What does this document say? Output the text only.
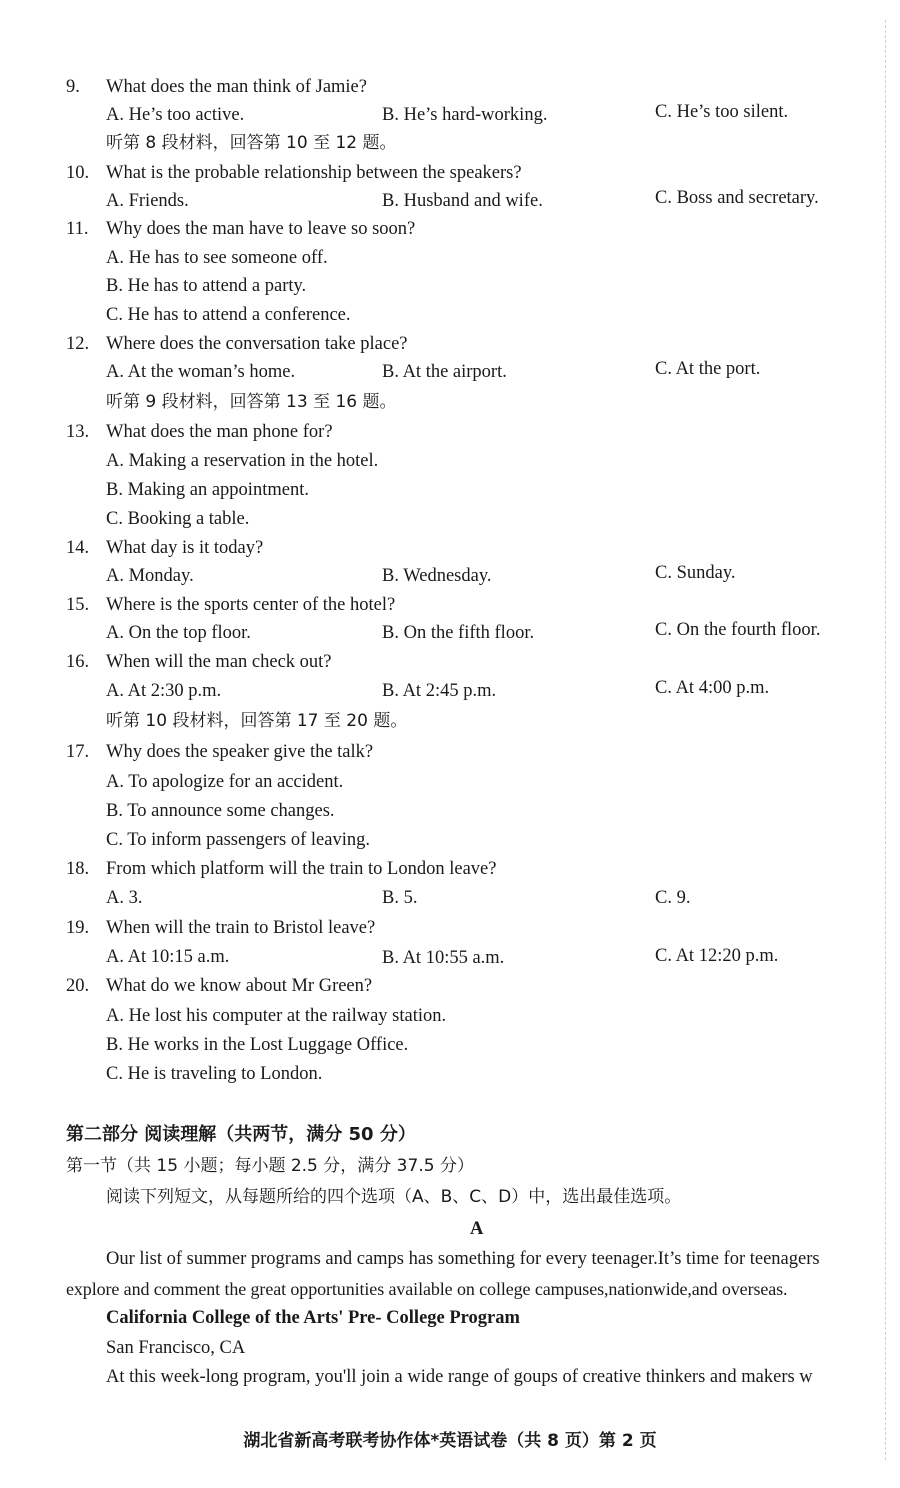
9. What does the man think of Jamie?
A. He’s too active.	B. He’s hard-working.	C. He’s too silent.
听第 8 段材料，回答第 10 至 12 题。
10. What is the probable relationship between the speakers?
A. Friends.	B. Husband and wife.	C. Boss and secretary.
11. Why does the man have to leave so soon?
A. He has to see someone off.
B. He has to attend a party.
C. He has to attend a conference.
12. Where does the conversation take place?
A. At the woman’s home.	B. At the airport.	C. At the port.
听第 9 段材料，回答第 13 至 16 题。
13. What does the man phone for?
A. Making a reservation in the hotel.
B. Making an appointment.
C. Booking a table.
14. What day is it today?
A. Monday.	B. Wednesday.	C. Sunday.
15. Where is the sports center of the hotel?
A. On the top floor.	B. On the fifth floor.	C. On the fourth floor.
16. When will the man check out?
A. At 2:30 p.m.	B. At 2:45 p.m.	C. At 4:00 p.m.
听第 10 段材料，回答第 17 至 20 题。
17. Why does the speaker give the talk?
A. To apologize for an accident.
B. To announce some changes.
C. To inform passengers of leaving.
18. From which platform will the train to London leave?
A. 3.	B. 5.	C. 9.
19. When will the train to Bristol leave?
A. At 10:15 a.m.	B. At 10:55 a.m.	C. At 12:20 p.m.
20. What do we know about Mr Green?
A. He lost his computer at the railway station.
B. He works in the Lost Luggage Office.
C. He is traveling to London.
第二部分 阅读理解（共两节，满分 50 分）
第一节（共 15 小题；每小题 2.5 分，满分 37.5 分）
阅读下列短文，从每题所给的四个选项（A、B、C、D）中，选出最佳选项。
A
Our list of summer programs and camps has something for every teenager.It’s time for teenagers
explore and comment the great opportunities available on college campuses,nationwide,and overseas.
California College of the Arts' Pre- College Program
San Francisco, CA
At this week-long program, you'll join a wide range of goups of creative thinkers and makers w
湖北省新高考联考协作体*英语试卷（共 8 页）第 2 页
